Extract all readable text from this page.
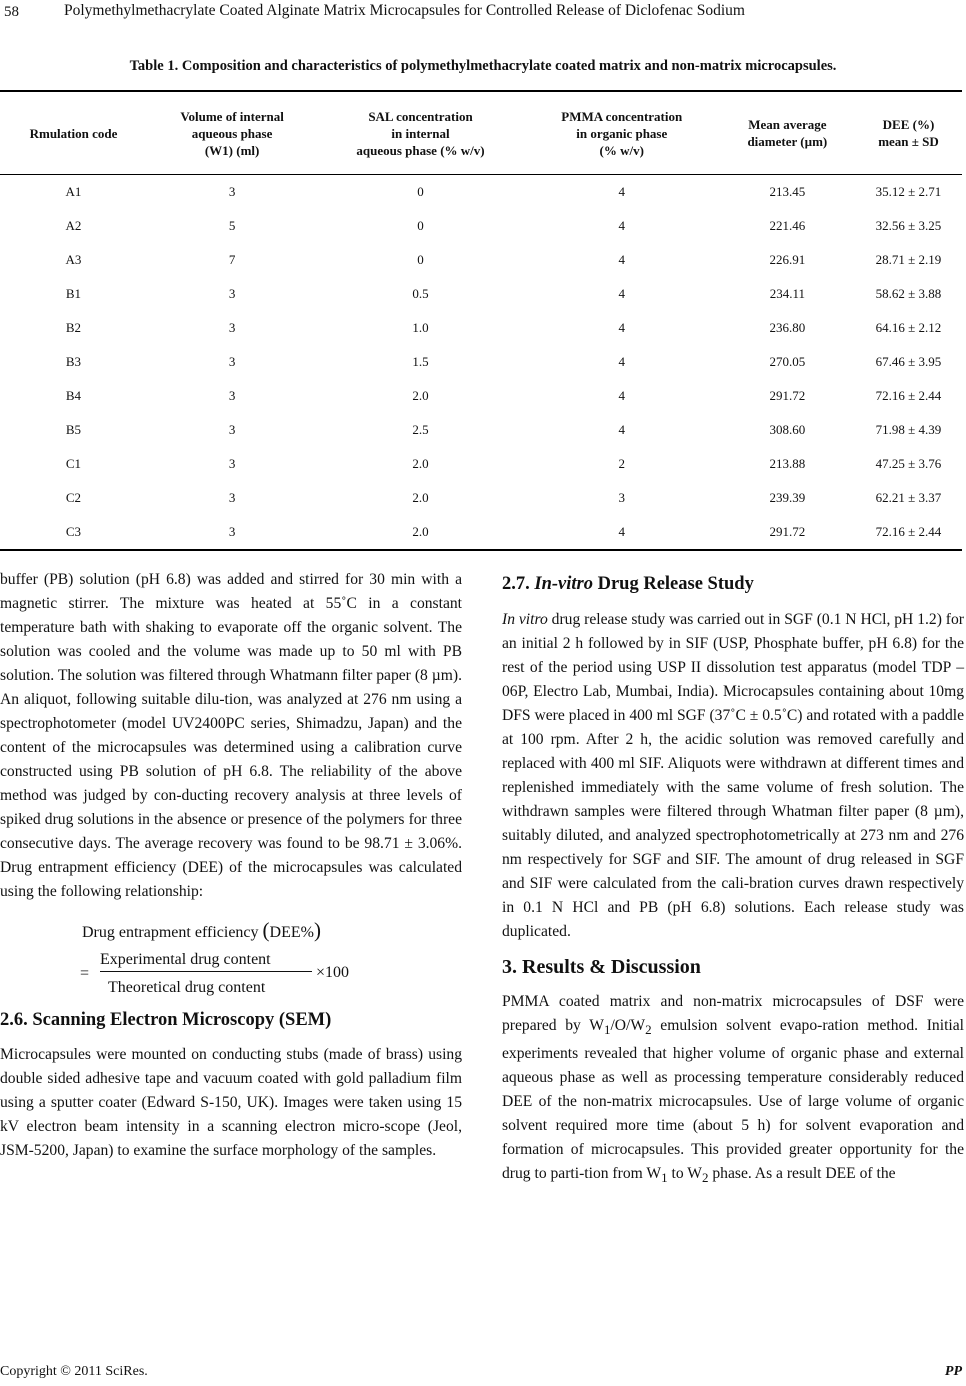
58	Polymethylmethacrylate Coated Alginate Matrix Microcapsules for Controlled Release of Diclofenac Sodium
Table 1. Composition and characteristics of polymethylmethacrylate coated matrix and non-matrix microcapsules.
Rmulation code	Volume of internal
aqueous phase
(W1) (ml)	SAL concentration
in internal
aqueous phase (% w/v)	PMMA concentration
in organic phase
(% w/v)	Mean average
diameter (µm)	DEE (%)
mean ± SD
A1	3	0	4	213.45	35.12 ± 2.71
A2	5	0	4	221.46	32.56 ± 3.25
A3	7	0	4	226.91	28.71 ± 2.19
B1	3	0.5	4	234.11	58.62 ± 3.88
B2	3	1.0	4	236.80	64.16 ± 2.12
B3	3	1.5	4	270.05	67.46 ± 3.95
B4	3	2.0	4	291.72	72.16 ± 2.44
B5	3	2.5	4	308.60	71.98 ± 4.39
C1	3	2.0	2	213.88	47.25 ± 3.76
C2	3	2.0	3	239.39	62.21 ± 3.37
C3	3	2.0	4	291.72	72.16 ± 2.44

buffer (PB) solution (pH 6.8) was added and stirred for 30 min with a magnetic stirrer. The mixture was heated at 55˚C in a constant temperature bath with shaking to evaporate off the organic solvent. The solution was cooled and the volume was made up to 50 ml with PB solution. The solution was filtered through Whatmann filter paper (8 µm). An aliquot, following suitable dilu-tion, was analyzed at 276 nm using a spectrophotometer (model UV2400PC series, Shimadzu, Japan) and the content of the microcapsules was determined using a calibration curve constructed using PB solution of pH 6.8. The reliability of the above method was judged by con-ducting recovery analysis at three levels of spiked drug solutions in the absence or presence of the polymers for three consecutive days. The average recovery was found to be 98.71 ± 3.06%. Drug entrapment efficiency (DEE) of the microcapsules was calculated using the following relationship:

Drug entrapment efficiency (DEE%)
=
Experimental drug content
Theoretical drug content
×100
2.6. Scanning Electron Microscopy (SEM)

Microcapsules were mounted on conducting stubs (made of brass) using double sided adhesive tape and vacuum coated with gold palladium film using a sputter coater (Edward S-150, UK). Images were taken using 15 kV electron beam intensity in a scanning electron micro-scope (Jeol, JSM-5200, Japan) to examine the surface morphology of the samples.

2.7. In-vitro Drug Release Study

In vitro drug release study was carried out in SGF (0.1 N HCl, pH 1.2) for an initial 2 h followed by in SIF (USP, Phosphate buffer, pH 6.8) for the rest of the period using USP II dissolution test apparatus (model TDP – 06P, Electro Lab, Mumbai, India). Microcapsules containing about 10mg DFS were placed in 400 ml SGF (37˚C ± 0.5˚C) and rotated with a paddle at 100 rpm. After 2 h, the acidic solution was removed carefully and replaced with 400 ml SIF. Aliquots were withdrawn at different times and replenished immediately with the same volume of fresh solution. The withdrawn samples were filtered through Whatman filter paper (8 µm), suitably diluted, and analyzed spectrophotometrically at 273 nm and 276 nm respectively for SGF and SIF. The amount of drug released in SGF and SIF were calculated from the cali-bration curves drawn respectively in 0.1 N HCl and PB (pH 6.8) solutions. Each release study was duplicated.

3. Results & Discussion

PMMA coated matrix and non-matrix microcapsules of DSF were prepared by $W_1/O/W_2$ emulsion solvent evapo-ration method. Initial experiments revealed that higher volume of organic phase and external aqueous phase as well as processing temperature considerably reduced DEE of the non-matrix microcapsules. Use of large volume of organic solvent required more time (about 5 h) for solvent evaporation and formation of microcapsules. This provided greater opportunity for the drug to parti-tion from $W_1$ to $W_2$ phase. As a result DEE of the

Copyright © 2011 SciRes.	PP
